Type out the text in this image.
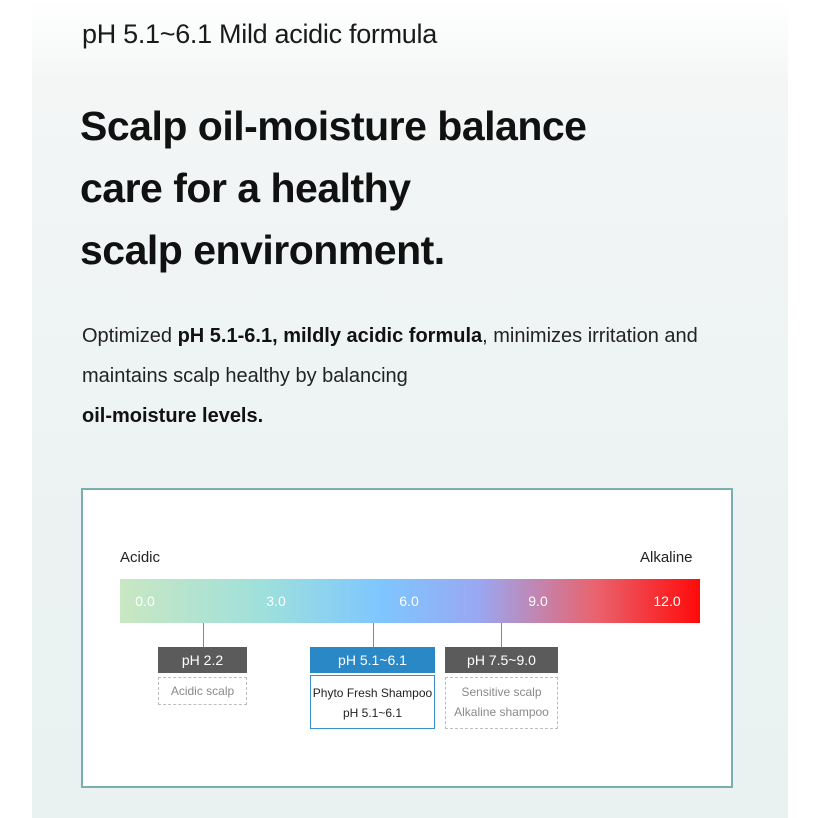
pH 5.1~6.1 Mild acidic formula
Scalp oil-moisture balance
care for a healthy
scalp environment.
Optimized pH 5.1-6.1, mildly acidic formula, minimizes irritation and maintains scalp healthy by balancing
oil-moisture levels.
Acidic	Alkaline
0.0	3.0	6.0	9.0	12.0
pH 2.2
Acidic scalp
pH 5.1~6.1
Phyto Fresh Shampoo
pH 5.1~6.1
pH 7.5~9.0
Sensitive scalp
Alkaline shampoo
